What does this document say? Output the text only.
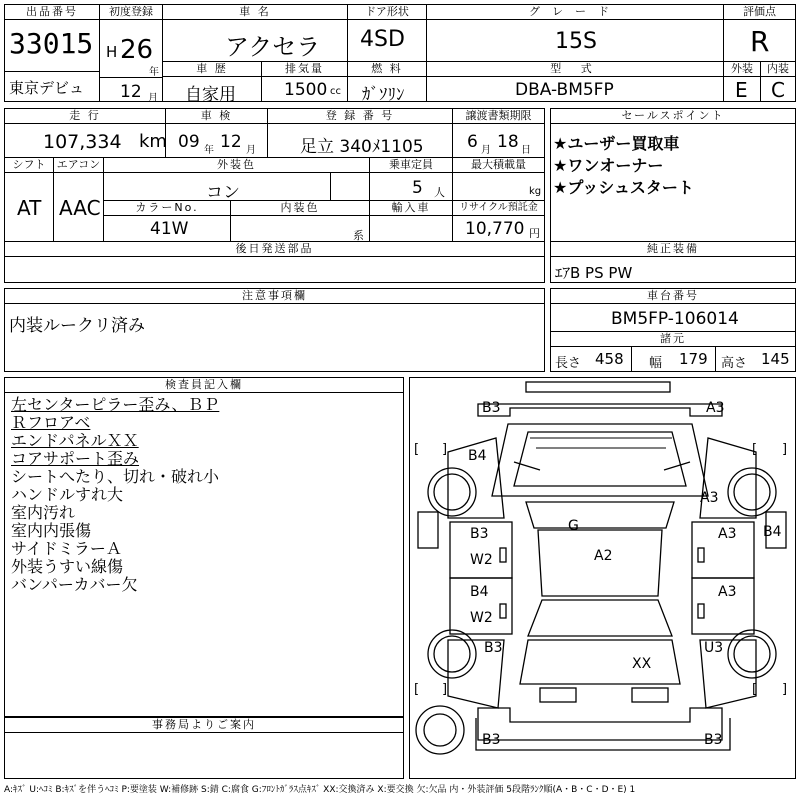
出品番号
33015
東京デビュ
初度登録
H 26
年
12 月
車 名
アクセラ
ドア形状
4SD
グレード
15S
評価点
R
車 歴
自家用
排気量
1500 cc
燃 料
ｶﾞｿﾘﾝ
型 式
DBA-BM5FP
外装
E
内装
C
走 行
107,334 km
車 検
09 年 12 月
登 録 番 号
足立 340ﾒ1105
譲渡書類期限
6 月 18 日
セールスポイント
★ユーザー買取車
★ワンオーナー
★プッシュスタート
シフト
AT
エアコン
AAC
外装色
コン
乗車定員
5 人
最大積載量
kg
カラーNo.
41W
内装色
系
輸入車	リサイクル預託金
10,770 円
後日発送部品	純正装備
ｴｱB PS PW
注意事項欄
内装ルークリ済み
車台番号
BM5FP-106014
諸元
長さ 458 幅 179 高さ 145
検査員記入欄
左センターピラー歪み、ＢＰ
Ｒフロアベ
エンドパネルＸＸ
コアサポート歪み
シートへたり、切れ・破れ小
ハンドルすれ大
室内汚れ
室内内張傷
サイドミラーＡ
外装うすい線傷
バンパーカバー欠
事務局よりご案内
[ ]	[ ]
[ ]	[ ]
B3	A3
B4
A3
G
B3
W2	A2
A3 B4
B4
W2
A3
B3	U3
XX
B3	B3
A:ｷｽﾞ U:ﾍｺﾐ B:ｷｽﾞを伴うﾍｺﾐ P:要塗装 W:補修跡 S:錆 C:腐食 G:ﾌﾛﾝﾄｶﾞﾗｽ点ｷｽﾞ XX:交換済み X:要交換 欠:欠品 内・外装評価 5段階ﾗﾝｸ順(A・B・C・D・E) 1
